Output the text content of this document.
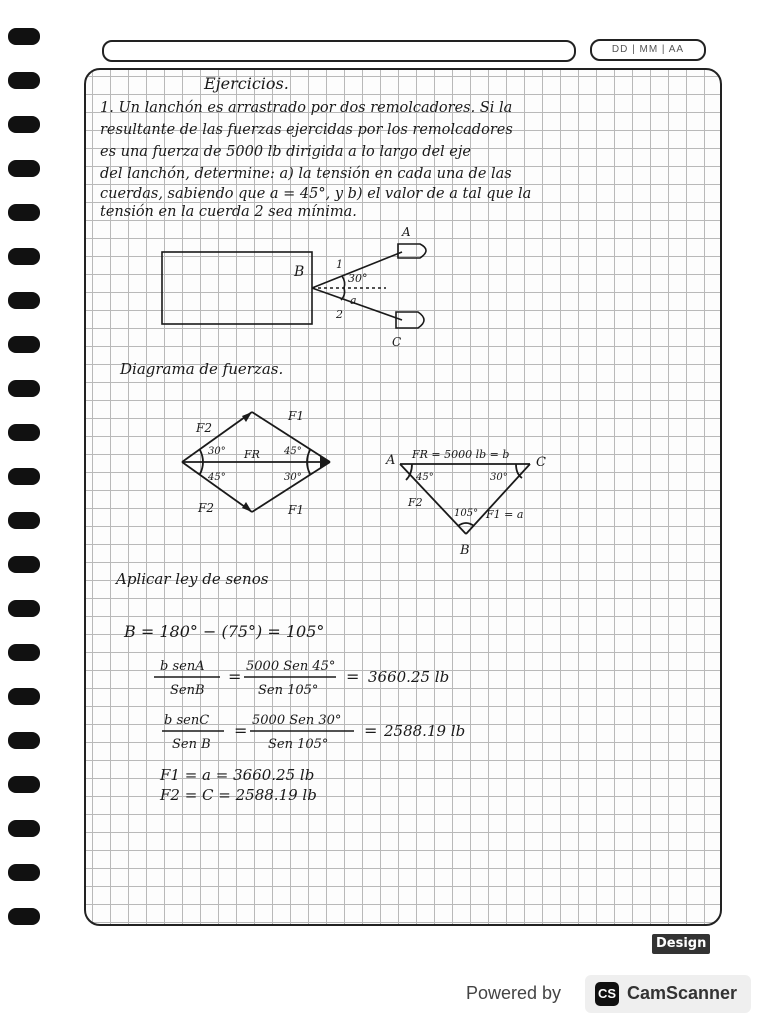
DD | MM | AA

Ejercicios.

1. Un lanchón es arrastrado por dos remolcadores. Si la

resultante de las fuerzas ejercidas por los remolcadores

es una fuerza de 5000 lb dirigida a lo largo del eje

del lanchón, determine: a) la tensión en cada una de las

cuerdas, sabiendo que a = 45°, y b) el valor de a tal que la

tensión en la cuerda 2 sea mínima.

B
A
C
1
2
30°
a

Diagrama de fuerzas.

F2
F1
F2	F1
FR
30°
45°
45°
30°
A	C
B
FR = 5000 lb = b
45°	30°
105°
F2
F1 = a

Aplicar ley de senos

B = 180° − (75°) = 105°

b senA
SenB
=
5000 Sen 45°
Sen 105°
= 3660.25 lb
b senC
Sen B
=
5000 Sen 30°
Sen 105°
= 2588.19 lb

F1 = a = 3660.25 lb

F2 = C = 2588.19 lb

Design
Powered by	CS CamScanner
